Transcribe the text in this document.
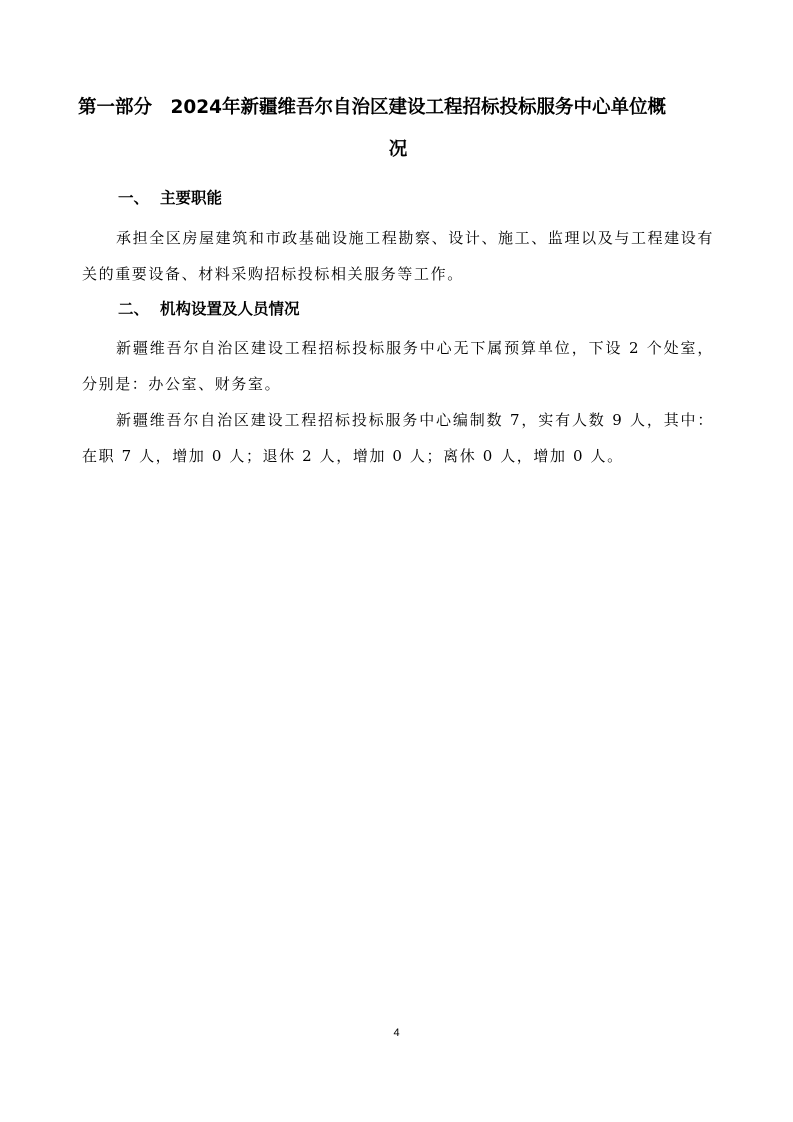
第一部分　2024年新疆维吾尔自治区建设工程招标投标服务中心单位概
况
一、 主要职能

承担全区房屋建筑和市政基础设施工程勘察、设计、施工、监理以及与工程建设有关的重要设备、材料采购招标投标相关服务等工作。

二、 机构设置及人员情况

新疆维吾尔自治区建设工程招标投标服务中心无下属预算单位，下设 2 个处室，分别是：办公室、财务室。

新疆维吾尔自治区建设工程招标投标服务中心编制数 7，实有人数 9 人，其中：在职 7 人，增加 0 人；退休 2 人，增加 0 人；离休 0 人，增加 0 人。

4
